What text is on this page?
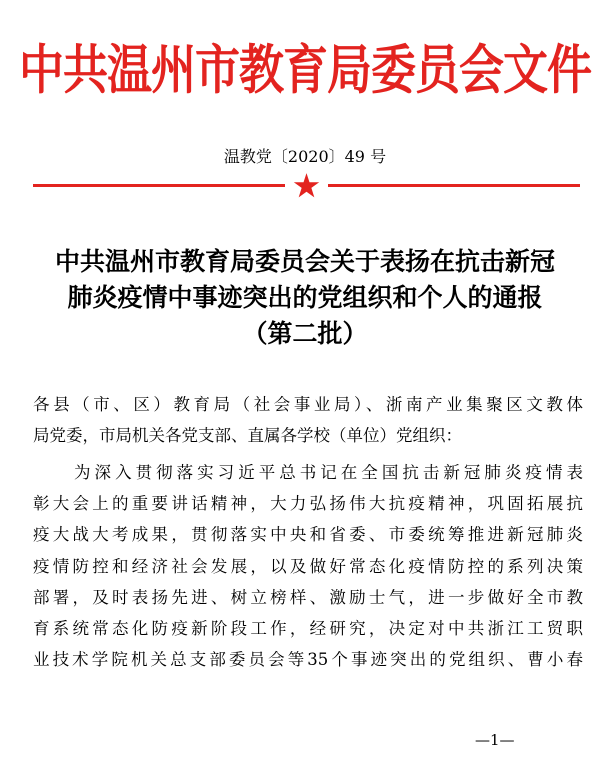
中共温州市教育局委员会文件
温教党〔2020〕49 号
中共温州市教育局委员会关于表扬在抗击新冠
肺炎疫情中事迹突出的党组织和个人的通报
（第二批）
各县（市、区）教育局（社会事业局）、浙南产业集聚区文教体
局党委，市局机关各党支部、直属各学校（单位）党组织：
　　为深入贯彻落实习近平总书记在全国抗击新冠肺炎疫情表
彰大会上的重要讲话精神，大力弘扬伟大抗疫精神，巩固拓展抗
疫大战大考成果，贯彻落实中央和省委、市委统筹推进新冠肺炎
疫情防控和经济社会发展，以及做好常态化疫情防控的系列决策
部署，及时表扬先进、树立榜样、激励士气，进一步做好全市教
育系统常态化防疫新阶段工作，经研究，决定对中共浙江工贸职
业技术学院机关总支部委员会等35个事迹突出的党组织、曹小春
—1—
